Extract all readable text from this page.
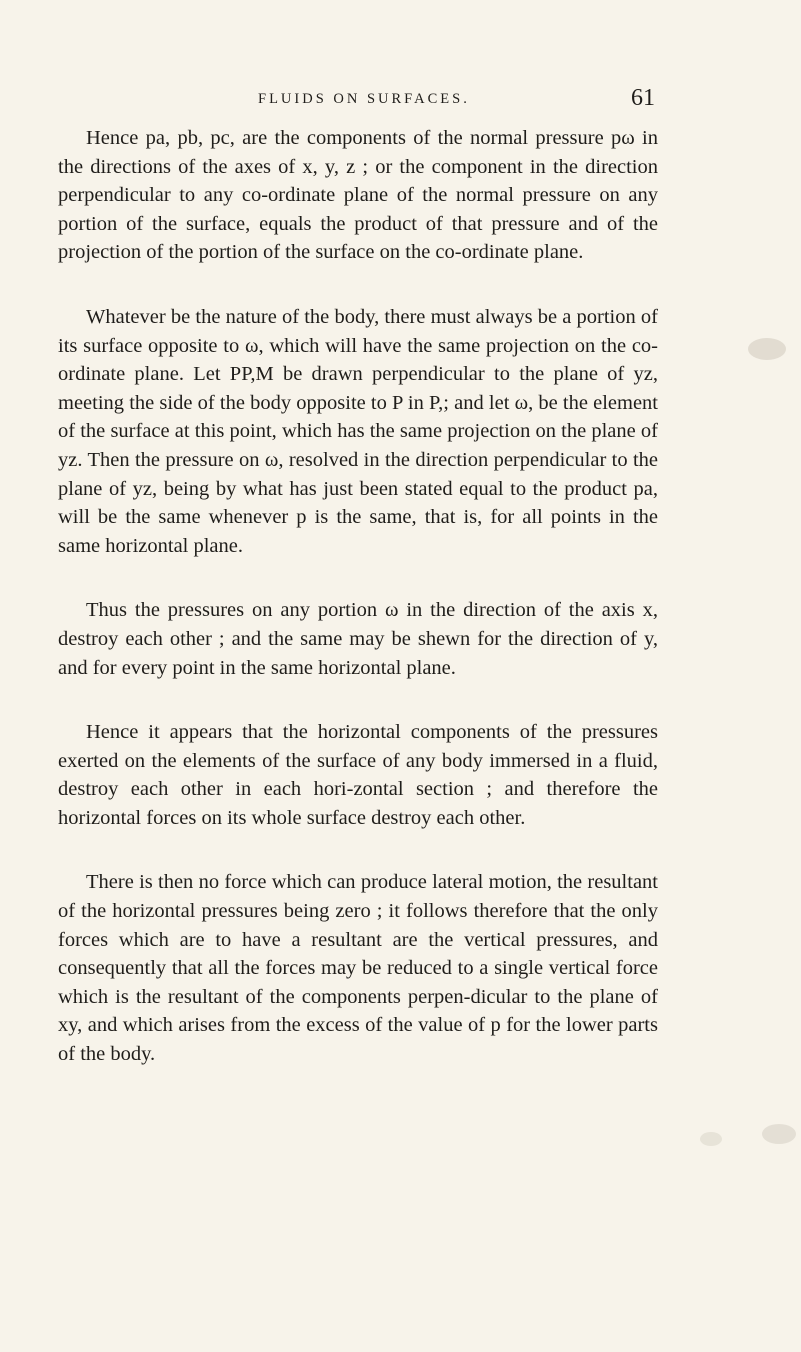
FLUIDS ON SURFACES.	61

Hence pa, pb, pc, are the components of the normal pressure pω in the directions of the axes of x, y, z ; or the component in the direction perpendicular to any co-ordinate plane of the normal pressure on any portion of the surface, equals the product of that pressure and of the projection of the portion of the surface on the co-ordinate plane.

Whatever be the nature of the body, there must always be a portion of its surface opposite to ω, which will have the same projection on the co-ordinate plane. Let PP,M be drawn perpendicular to the plane of yz, meeting the side of the body opposite to P in P,; and let ω, be the element of the surface at this point, which has the same projection on the plane of yz. Then the pressure on ω, resolved in the direction perpendicular to the plane of yz, being by what has just been stated equal to the product pa, will be the same whenever p is the same, that is, for all points in the same horizontal plane.

Thus the pressures on any portion ω in the direction of the axis x, destroy each other ; and the same may be shewn for the direction of y, and for every point in the same horizontal plane.

Hence it appears that the horizontal components of the pressures exerted on the elements of the surface of any body immersed in a fluid, destroy each other in each hori-zontal section ; and therefore the horizontal forces on its whole surface destroy each other.

There is then no force which can produce lateral motion, the resultant of the horizontal pressures being zero ; it follows therefore that the only forces which are to have a resultant are the vertical pressures, and consequently that all the forces may be reduced to a single vertical force which is the resultant of the components perpen-dicular to the plane of xy, and which arises from the excess of the value of p for the lower parts of the body.
